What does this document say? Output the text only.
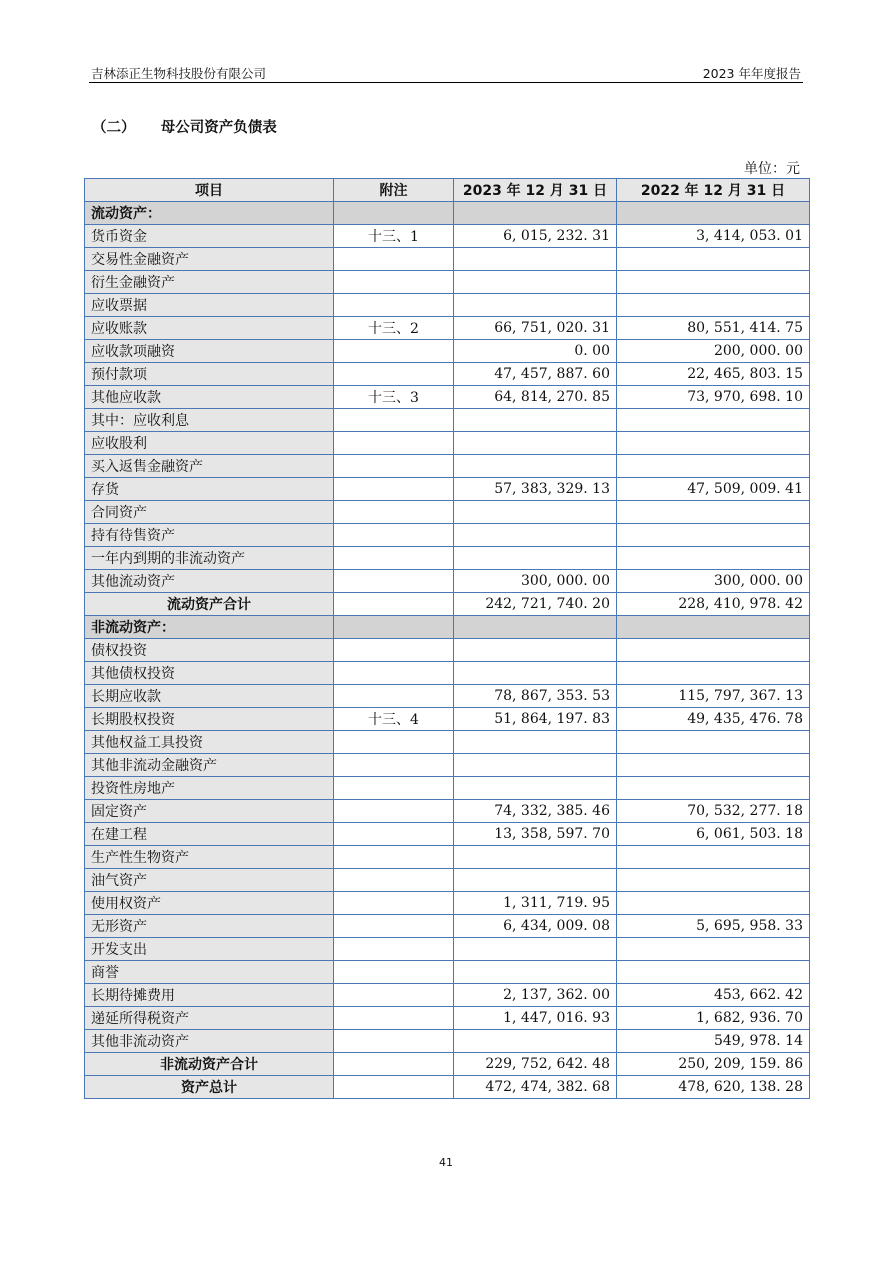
吉林添正生物科技股份有限公司	2023 年年度报告
（二）     母公司资产负债表
单位：元
项目	附注	2023 年 12 月 31 日	2022 年 12 月 31 日
流动资产：			
货币资金	十三、1	6, 015, 232. 31	3, 414, 053. 01
交易性金融资产			
衍生金融资产			
应收票据			
应收账款	十三、2	66, 751, 020. 31	80, 551, 414. 75
应收款项融资		0. 00	200, 000. 00
预付款项		47, 457, 887. 60	22, 465, 803. 15
其他应收款	十三、3	64, 814, 270. 85	73, 970, 698. 10
其中：应收利息			
应收股利			
买入返售金融资产			
存货		57, 383, 329. 13	47, 509, 009. 41
合同资产			
持有待售资产			
一年内到期的非流动资产			
其他流动资产		300, 000. 00	300, 000. 00
流动资产合计		242, 721, 740. 20	228, 410, 978. 42
非流动资产：			
债权投资			
其他债权投资			
长期应收款		78, 867, 353. 53	115, 797, 367. 13
长期股权投资	十三、4	51, 864, 197. 83	49, 435, 476. 78
其他权益工具投资			
其他非流动金融资产			
投资性房地产			
固定资产		74, 332, 385. 46	70, 532, 277. 18
在建工程		13, 358, 597. 70	6, 061, 503. 18
生产性生物资产			
油气资产			
使用权资产		1, 311, 719. 95	
无形资产		6, 434, 009. 08	5, 695, 958. 33
开发支出			
商誉			
长期待摊费用		2, 137, 362. 00	453, 662. 42
递延所得税资产		1, 447, 016. 93	1, 682, 936. 70
其他非流动资产			549, 978. 14
非流动资产合计		229, 752, 642. 48	250, 209, 159. 86
资产总计		472, 474, 382. 68	478, 620, 138. 28
41
